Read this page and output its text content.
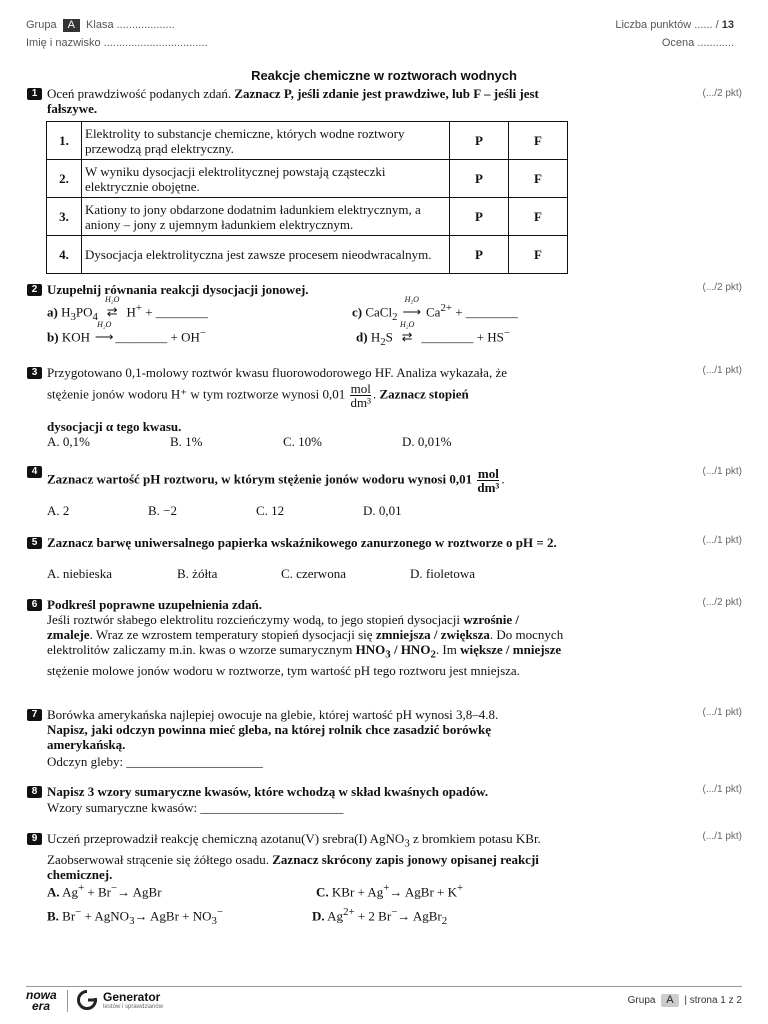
Grupa A Klasa ...................
Imię i nazwisko ..................................
Liczba punktów ...... / 13
Ocena ............
Reakcje chemiczne w roztworach wodnych
1 Oceń prawdziwość podanych zdań. Zaznacz P, jeśli zdanie jest prawdziwe, lub F – jeśli jest fałszywe.
(.../2 pkt)
1.	Elektrolity to substancje chemiczne, których wodne roztwory przewodzą prąd elektryczny.	P	F
2.	W wyniku dysocjacji elektrolitycznej powstają cząsteczki elektrycznie obojętne.	P	F
3.	Kationy to jony obdarzone dodatnim ładunkiem elektrycznym, a aniony – jony z ujemnym ładunkiem elektrycznym.	P	F
4.	Dysocjacja elektrolityczna jest zawsze procesem nieodwracalnym.	P	F
2 Uzupełnij równania reakcji dysocjacji jonowej.	(.../2 pkt)
a) $H_3PO_4$
H₂O
⇄ H+ + ________	c) CaCl$_2$
H₂O
⟶ $Ca^{2+}$ + ________
b) KOH
H₂O
⟶ ________ + OH−	d) $H_2S$
H₂O
⇄ ________ + HS−
3 Przygotowano 0,1-molowy roztwór kwasu fluorowodorowego HF. Analiza wykazała, że	(.../1 pkt)
stężenie jonów wodoru H⁺ w tym roztworze wynosi $0,01 \frac{\text{mol}}{\text{dm³}}$ . Zaznacz stopień
dysocjacji α tego kwasu.
A. 0,1%	B. 1%	C. 10%	D. 0,01%
4 Zaznacz wartość pH roztworu, w którym stężenie jonów wodoru wynosi $0,01 \frac{\text{mol}}{\text{dm³}}$ .	(.../1 pkt)
A. 2	B. −2	C. 12	D. 0,01
5 Zaznacz barwę uniwersalnego papierka wskaźnikowego zanurzonego w roztworze o pH = 2.	(.../1 pkt)
A. niebieska	B. żółta	C. czerwona	D. fioletowa
6 Podkreśl poprawne uzupełnienia zdań.	(.../2 pkt)
Jeśli roztwór słabego elektrolitu rozcieńczymy wodą, to jego stopień dysocjacji wzrośnie / zmaleje. Wraz ze wzrostem temperatury stopień dysocjacji się zmniejsza / zwiększa. Do mocnych elektrolitów zaliczamy m.in. kwas o wzorze sumarycznym $HNO_3 / HNO_2$. Im większe / mniejsze stężenie molowe jonów wodoru w roztworze, tym wartość pH tego roztworu jest mniejsza.
7 Borówka amerykańska najlepiej owocuje na glebie, której wartość pH wynosi 3,8–4.8.	(.../1 pkt)
Napisz, jaki odczyn powinna mieć gleba, na której rolnik chce zasadzić borówkę amerykańską.
Odczyn gleby: _____________________
8 Napisz 3 wzory sumaryczne kwasów, które wchodzą w skład kwaśnych opadów.	(.../1 pkt)
Wzory sumaryczne kwasów: ______________________
9	(.../1 pkt)
Uczeń przeprowadził reakcję chemiczną azotanu(V) srebra(I) AgNO$_3$ z bromkiem potasu KBr. Zaobserwował strącenie się żółtego osadu. Zaznacz skrócony zapis jonowy opisanej reakcji chemicznej.
A. Ag+ + Br−→ AgBr	C. KBr + Ag+→ AgBr + K+
B. Br− + AgNO$_3$→ AgBr + $NO_3^-$	D. $Ag^{2+} + 2$ Br−→ AgBr$_2$
nowa
era
Generator
testów i sprawdzianów
Grupa A | strona 1 z 2
